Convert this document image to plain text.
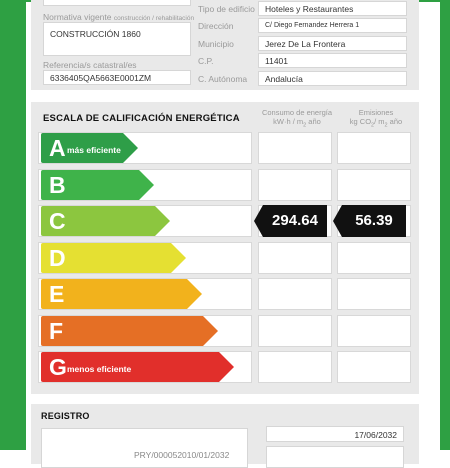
Normativa vigente construcción / rehabilitación
CONSTRUCCIÓN 1860
Referencia/s catastral/es
6336405QA5663E0001ZM
Tipo de edificio	Hoteles y Restaurantes
Dirección	C/ Diego Fernandez Herrera 1
Municipio	Jerez De La Frontera
C.P.	11401
C. Autónoma	Andalucía
ESCALA DE CALIFICACIÓN ENERGÉTICA
Consumo de energía
$kW\cdot h / m_2$ año
Emisiones
kg $CO_2/$ $m_2$ año
A más eficiente
B
C	294.64	56.39
D
E
F
G menos eficiente
REGISTRO
PRY/000052010/01/2032
17/06/2032
